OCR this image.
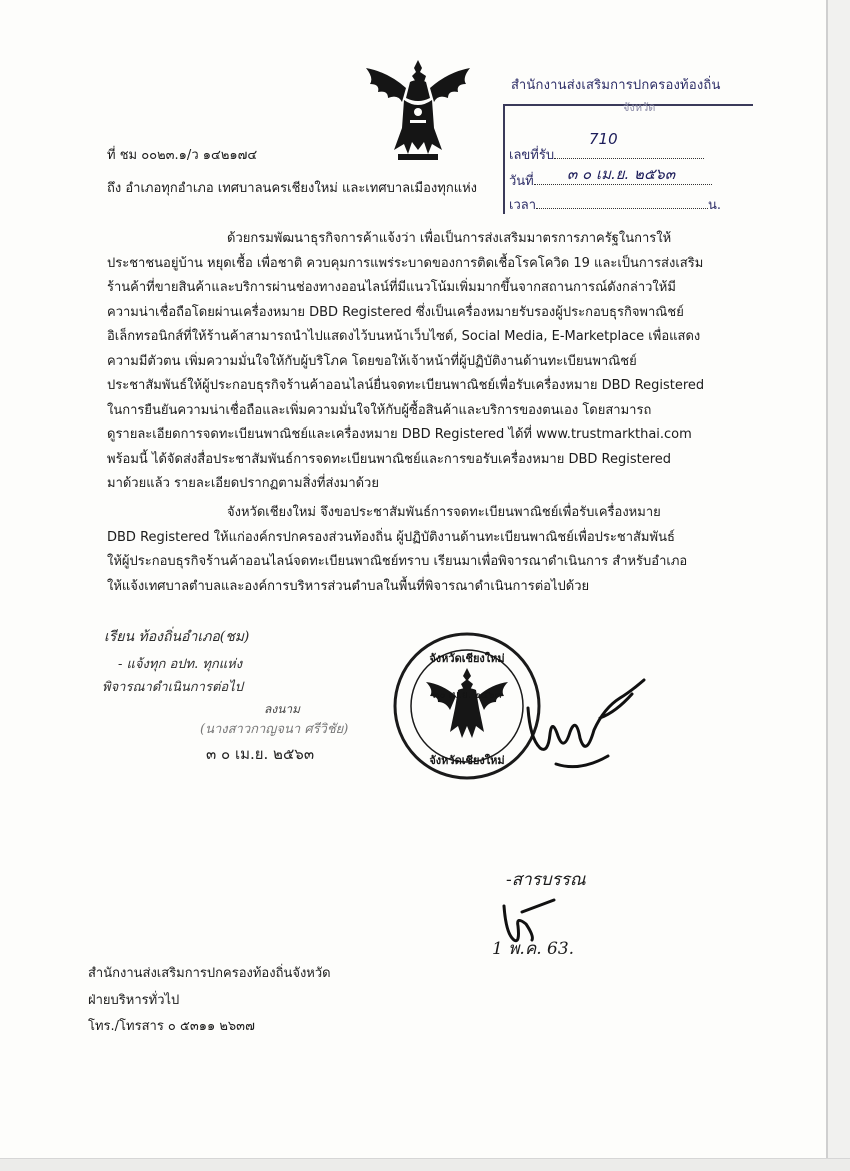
สำนักงานส่งเสริมการปกครองท้องถิ่น
จังหวัด
เลขที่รับ
710
วันที่	๓ ๐ เม.ย. ๒๕๖๓
เวลา	น.
ที่ ชม ๐๐๒๓.๑/ว ๑๔๒๑๗๔
ถึง อำเภอทุกอำเภอ เทศบาลนครเชียงใหม่ และเทศบาลเมืองทุกแห่ง
ด้วยกรมพัฒนาธุรกิจการค้าแจ้งว่า เพื่อเป็นการส่งเสริมมาตรการภาครัฐในการให้
ประชาชนอยู่บ้าน หยุดเชื้อ เพื่อชาติ ควบคุมการแพร่ระบาดของการติดเชื้อโรคโควิด 19 และเป็นการส่งเสริม
ร้านค้าที่ขายสินค้าและบริการผ่านช่องทางออนไลน์ที่มีแนวโน้มเพิ่มมากขึ้นจากสถานการณ์ดังกล่าวให้มี
ความน่าเชื่อถือโดยผ่านเครื่องหมาย DBD Registered ซึ่งเป็นเครื่องหมายรับรองผู้ประกอบธุรกิจพาณิชย์
อิเล็กทรอนิกส์ที่ให้ร้านค้าสามารถนำไปแสดงไว้บนหน้าเว็บไซต์, Social Media, E-Marketplace เพื่อแสดง
ความมีตัวตน เพิ่มความมั่นใจให้กับผู้บริโภค โดยขอให้เจ้าหน้าที่ผู้ปฏิบัติงานด้านทะเบียนพาณิชย์
ประชาสัมพันธ์ให้ผู้ประกอบธุรกิจร้านค้าออนไลน์ยื่นจดทะเบียนพาณิชย์เพื่อรับเครื่องหมาย DBD Registered
ในการยืนยันความน่าเชื่อถือและเพิ่มความมั่นใจให้กับผู้ซื้อสินค้าและบริการของตนเอง โดยสามารถ
ดูรายละเอียดการจดทะเบียนพาณิชย์และเครื่องหมาย DBD Registered ได้ที่ www.trustmarkthai.com
พร้อมนี้ ได้จัดส่งสื่อประชาสัมพันธ์การจดทะเบียนพาณิชย์และการขอรับเครื่องหมาย DBD Registered
มาด้วยแล้ว รายละเอียดปรากฏตามสิ่งที่ส่งมาด้วย
จังหวัดเชียงใหม่ จึงขอประชาสัมพันธ์การจดทะเบียนพาณิชย์เพื่อรับเครื่องหมาย
DBD Registered ให้แก่องค์กรปกครองส่วนท้องถิ่น ผู้ปฏิบัติงานด้านทะเบียนพาณิชย์เพื่อประชาสัมพันธ์
ให้ผู้ประกอบธุรกิจร้านค้าออนไลน์จดทะเบียนพาณิชย์ทราบ เรียนมาเพื่อพิจารณาดำเนินการ สำหรับอำเภอ
ให้แจ้งเทศบาลตำบลและองค์การบริหารส่วนตำบลในพื้นที่พิจารณาดำเนินการต่อไปด้วย
เรียน ท้องถิ่นอำเภอ(ชม)
- แจ้งทุก อปท. ทุกแห่ง
พิจารณาดำเนินการต่อไป
ลงนาม
(นางสาวกาญจนา ศรีวิชัย)
๓ ๐ เม.ย. ๒๕๖๓
จังหวัดเชียงใหม่
๓๐ เม.ย. ๒๕๖๓
จังหวัดเชียงใหม่
-สารบรรณ
1 พ.ค. 63.
สำนักงานส่งเสริมการปกครองท้องถิ่นจังหวัด
ฝ่ายบริหารทั่วไป
โทร./โทรสาร ๐ ๕๓๑๑ ๒๖๓๗
